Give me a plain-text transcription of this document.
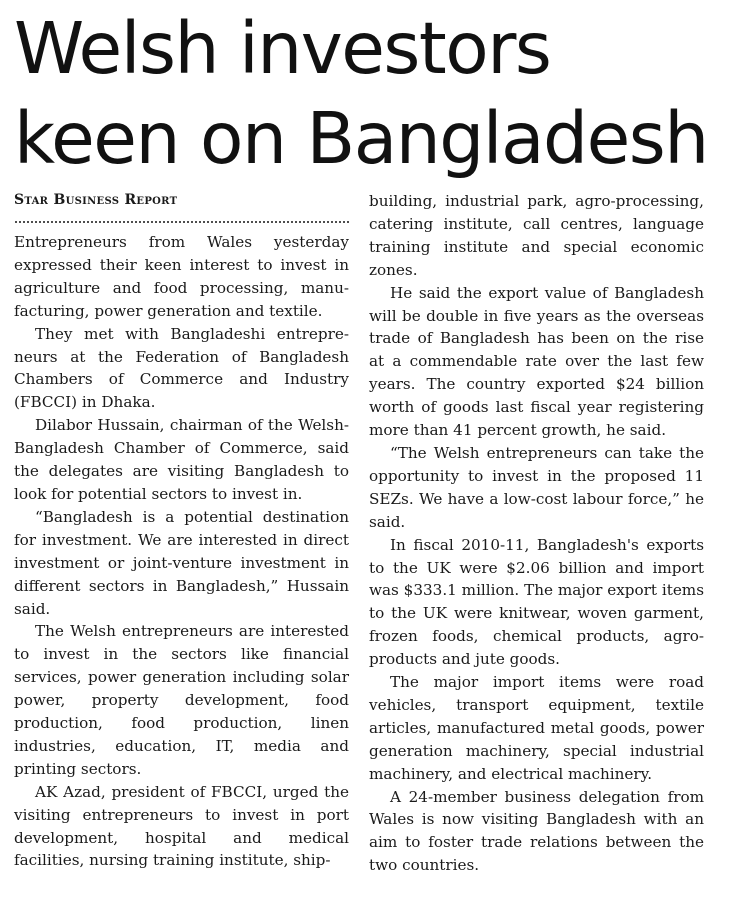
Welsh investors keen on Bangladesh
Star Business Report

Entrepreneurs from Wales yesterday expressed their keen interest to invest in agriculture and food processing, manufacturing, power generation and textile.

They met with Bangladeshi entrepreneurs at the Federation of Bangladesh Chambers of Commerce and Industry (FBCCI) in Dhaka.

Dilabor Hussain, chairman of the Welsh-Bangladesh Chamber of Commerce, said the delegates are visiting Bangladesh to look for potential sectors to invest in.

“Bangladesh is a potential destination for investment. We are interested in direct investment or joint-venture investment in different sectors in Bangladesh,” Hussain said.

The Welsh entrepreneurs are interested to invest in the sectors like financial services, power generation including solar power, property development, food production, food production, linen industries, education, IT, media and printing sectors.

AK Azad, president of FBCCI, urged the visiting entrepreneurs to invest in port development, hospital and medical facilities, nursing training institute, ship-

building, industrial park, agro-processing, catering institute, call centres, language training institute and special economic zones.

He said the export value of Bangladesh will be double in five years as the overseas trade of Bangladesh has been on the rise at a commendable rate over the last few years. The country exported $24 billion worth of goods last fiscal year registering more than 41 percent growth, he said.

“The Welsh entrepreneurs can take the opportunity to invest in the proposed 11 SEZs. We have a low-cost labour force,” he said.

In fiscal 2010-11, Bangladesh's exports to the UK were $2.06 billion and import was $333.1 million. The major export items to the UK were knitwear, woven garment, frozen foods, chemical products, agro-products and jute goods.

The major import items were road vehicles, transport equipment, textile articles, manufactured metal goods, power generation machinery, special industrial machinery, and electrical machinery.

A 24-member business delegation from Wales is now visiting Bangladesh with an aim to foster trade relations between the two countries.
